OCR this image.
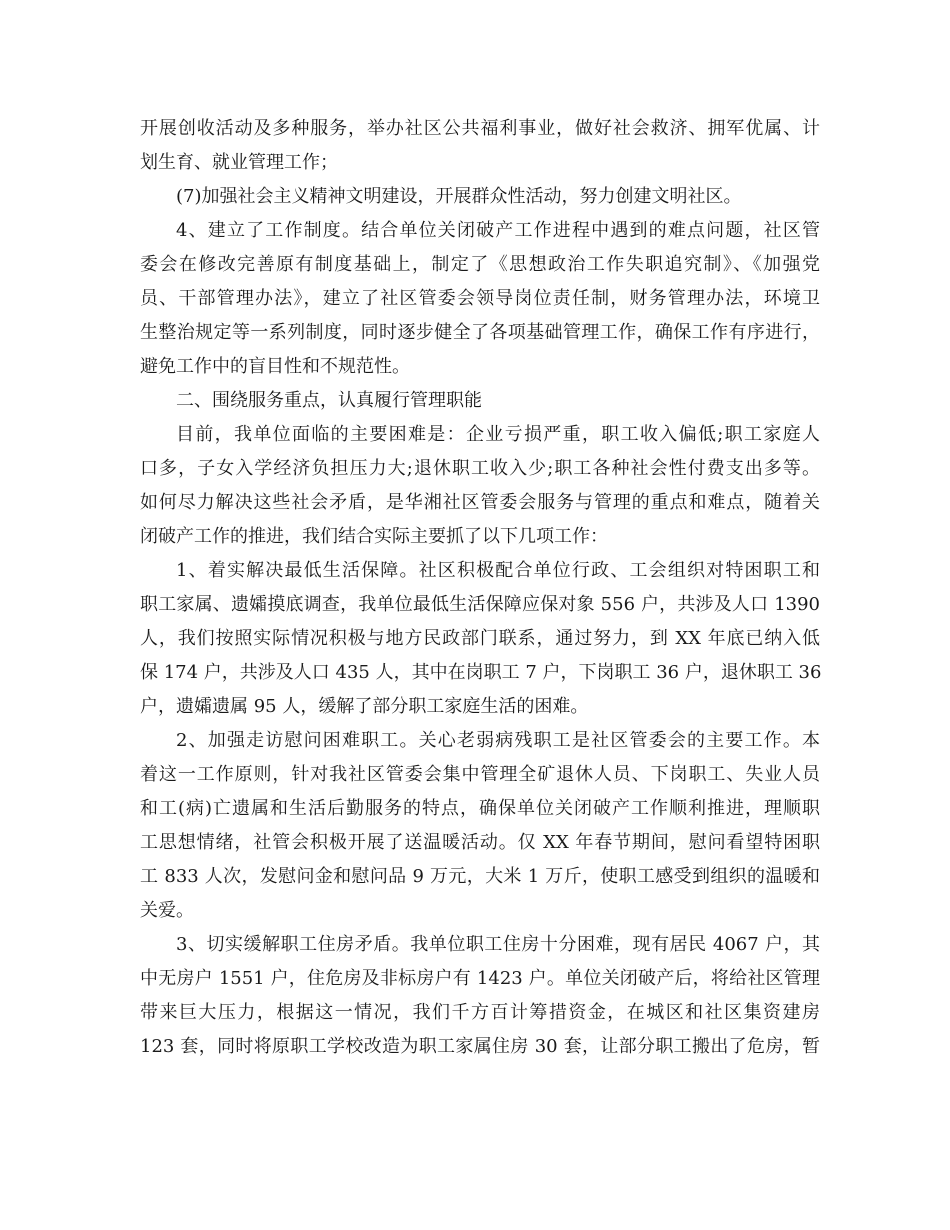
开展创收活动及多种服务，举办社区公共福利事业，做好社会救济、拥军优属、计
划生育、就业管理工作；
(7)加强社会主义精神文明建设，开展群众性活动，努力创建文明社区。
4、建立了工作制度。结合单位关闭破产工作进程中遇到的难点问题，社区管
委会在修改完善原有制度基础上，制定了《思想政治工作失职追究制》、《加强党
员、干部管理办法》，建立了社区管委会领导岗位责任制，财务管理办法，环境卫
生整治规定等一系列制度，同时逐步健全了各项基础管理工作，确保工作有序进行，
避免工作中的盲目性和不规范性。
二、围绕服务重点，认真履行管理职能
目前，我单位面临的主要困难是：企业亏损严重，职工收入偏低;职工家庭人
口多，子女入学经济负担压力大;退休职工收入少;职工各种社会性付费支出多等。
如何尽力解决这些社会矛盾，是华湘社区管委会服务与管理的重点和难点，随着关
闭破产工作的推进，我们结合实际主要抓了以下几项工作：
1、着实解决最低生活保障。社区积极配合单位行政、工会组织对特困职工和
职工家属、遗孀摸底调查，我单位最低生活保障应保对象 556 户，共涉及人口 1390
人，我们按照实际情况积极与地方民政部门联系，通过努力，到 XX 年底已纳入低
保 174 户，共涉及人口 435 人，其中在岗职工 7 户，下岗职工 36 户，退休职工 36
户，遗孀遗属 95 人，缓解了部分职工家庭生活的困难。
2、加强走访慰问困难职工。关心老弱病残职工是社区管委会的主要工作。本
着这一工作原则，针对我社区管委会集中管理全矿退休人员、下岗职工、失业人员
和工(病)亡遗属和生活后勤服务的特点，确保单位关闭破产工作顺利推进，理顺职
工思想情绪，社管会积极开展了送温暖活动。仅 XX 年春节期间，慰问看望特困职
工 833 人次，发慰问金和慰问品 9 万元，大米 1 万斤，使职工感受到组织的温暖和
关爱。
3、切实缓解职工住房矛盾。我单位职工住房十分困难，现有居民 4067 户，其
中无房户 1551 户，住危房及非标房户有 1423 户。单位关闭破产后，将给社区管理
带来巨大压力，根据这一情况，我们千方百计筹措资金，在城区和社区集资建房
123 套，同时将原职工学校改造为职工家属住房 30 套，让部分职工搬出了危房，暂
